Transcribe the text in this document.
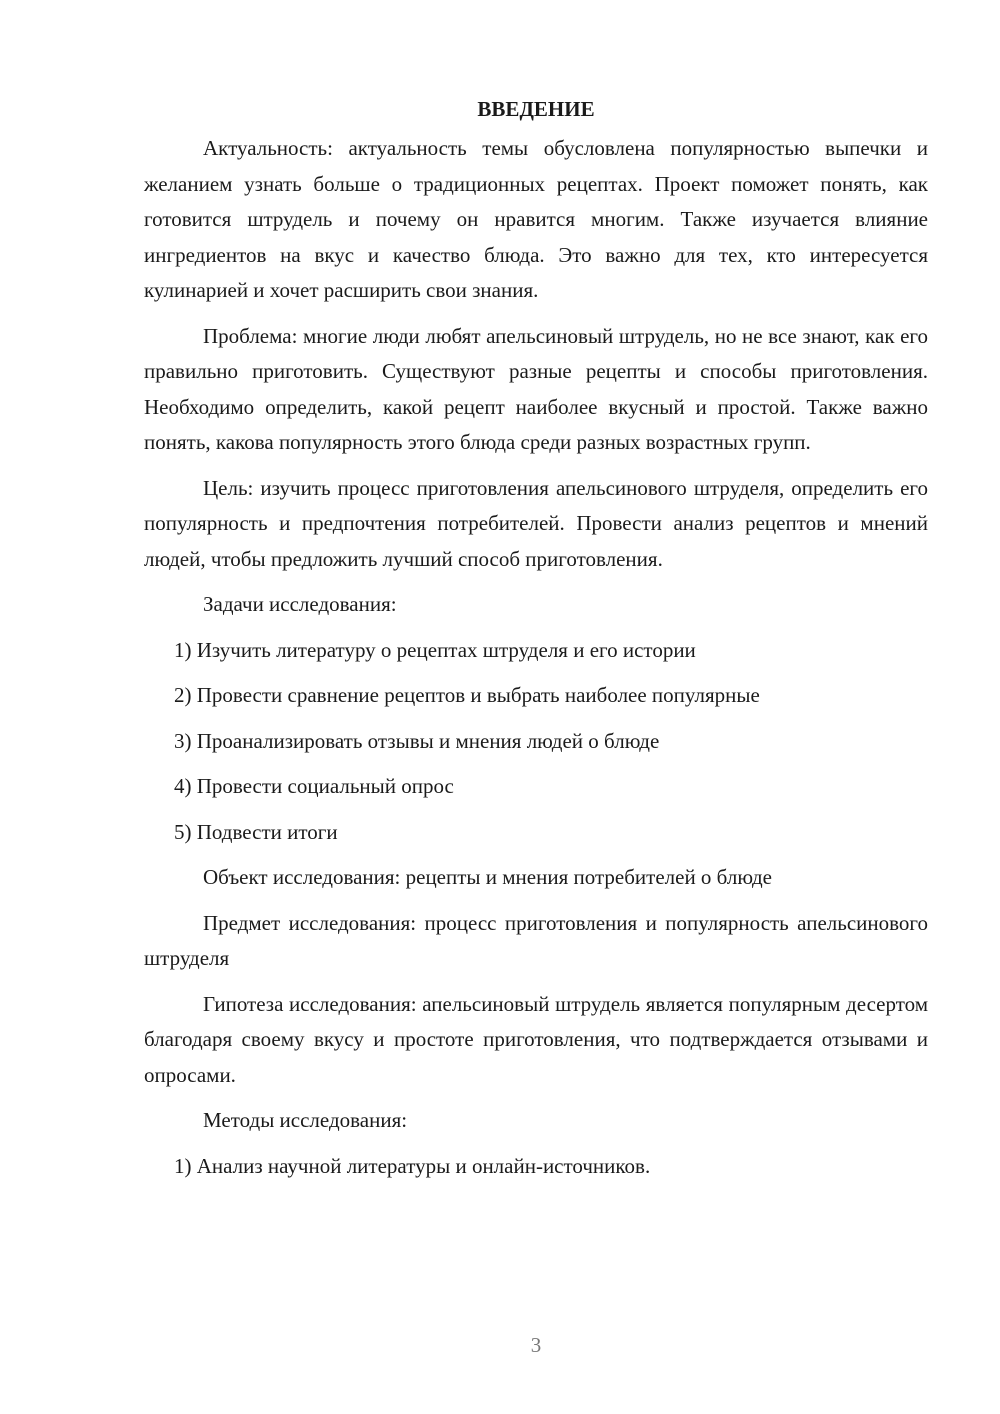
ВВЕДЕНИЕ

Актуальность: актуальность темы обусловлена популярностью выпечки и желанием узнать больше о традиционных рецептах. Проект поможет понять, как готовится штрудель и почему он нравится многим. Также изучается влияние ингредиентов на вкус и качество блюда. Это важно для тех, кто интересуется кулинарией и хочет расширить свои знания.

Проблема: многие люди любят апельсиновый штрудель, но не все знают, как его правильно приготовить. Существуют разные рецепты и способы приготовления. Необходимо определить, какой рецепт наиболее вкусный и простой. Также важно понять, какова популярность этого блюда среди разных возрастных групп.

Цель: изучить процесс приготовления апельсинового штруделя, определить его популярность и предпочтения потребителей. Провести анализ рецептов и мнений людей, чтобы предложить лучший способ приготовления.

Задачи исследования:
1) Изучить литературу о рецептах штруделя и его истории
2) Провести сравнение рецептов и выбрать наиболее популярные
3) Проанализировать отзывы и мнения людей о блюде
4) Провести социальный опрос
5) Подвести итоги
Объект исследования: рецепты и мнения потребителей о блюде

Предмет исследования: процесс приготовления и популярность апельсинового штруделя

Гипотеза исследования: апельсиновый штрудель является популярным десертом благодаря своему вкусу и простоте приготовления, что подтверждается отзывами и опросами.

Методы исследования:
1) Анализ научной литературы и онлайн-источников.
3
